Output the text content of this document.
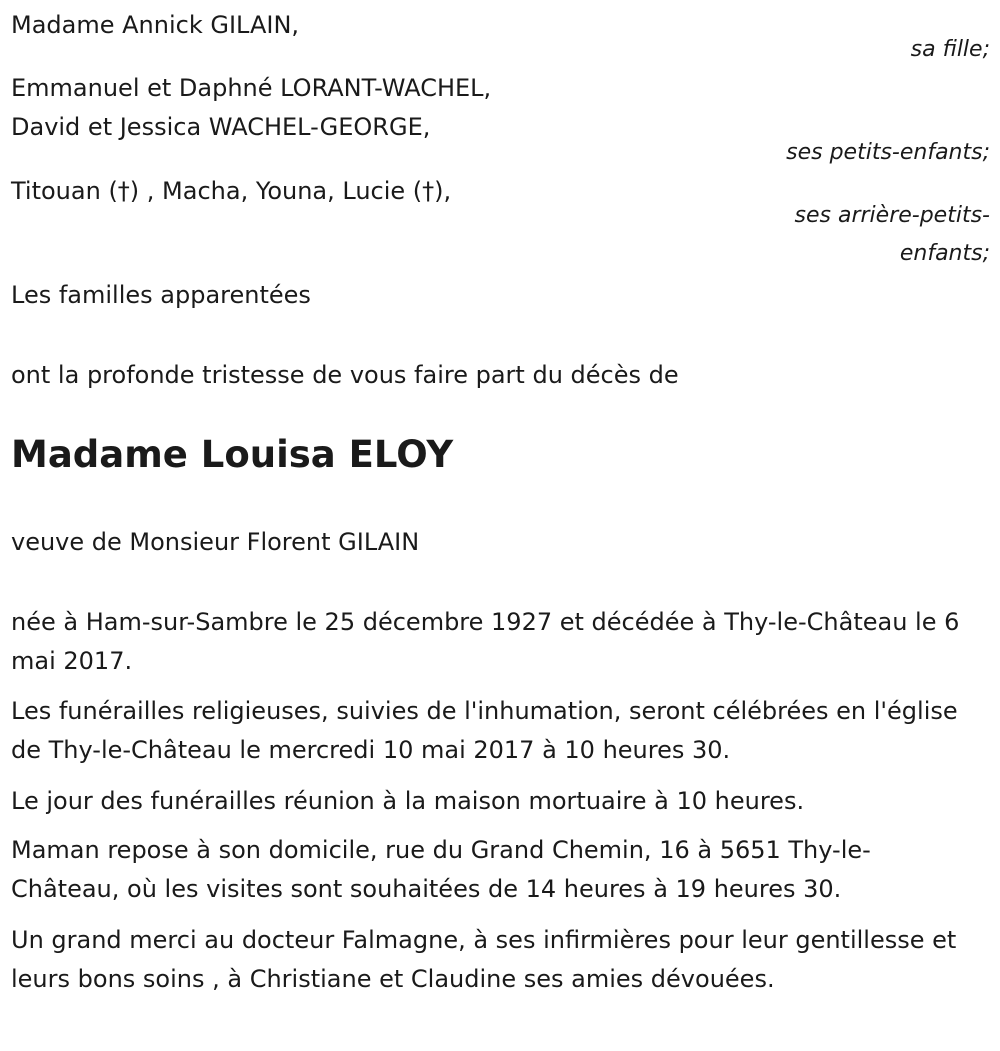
Madame Annick GILAIN,
sa fille;
Emmanuel et Daphné LORANT-WACHEL,
David et Jessica WACHEL-GEORGE,
ses petits-enfants;
Titouan (†) , Macha, Youna, Lucie (†),
ses arrière-petits-
enfants;
Les familles apparentées
ont la profonde tristesse de vous faire part du décès de
Madame Louisa ELOY
veuve de Monsieur Florent GILAIN
née à Ham-sur-Sambre le 25 décembre 1927 et décédée à Thy-le-Château le 6 mai 2017.
Les funérailles religieuses, suivies de l'inhumation, seront célébrées en l'église de Thy-le-Château le mercredi 10 mai 2017 à 10 heures 30.
Le jour des funérailles réunion à la maison mortuaire à 10 heures.
Maman repose à son domicile, rue du Grand Chemin, 16 à 5651 Thy-le-Château, où les visites sont souhaitées de 14 heures à 19 heures 30.
Un grand merci au docteur Falmagne, à ses infirmières pour leur gentillesse et leurs bons soins , à Christiane et Claudine ses amies dévouées.
